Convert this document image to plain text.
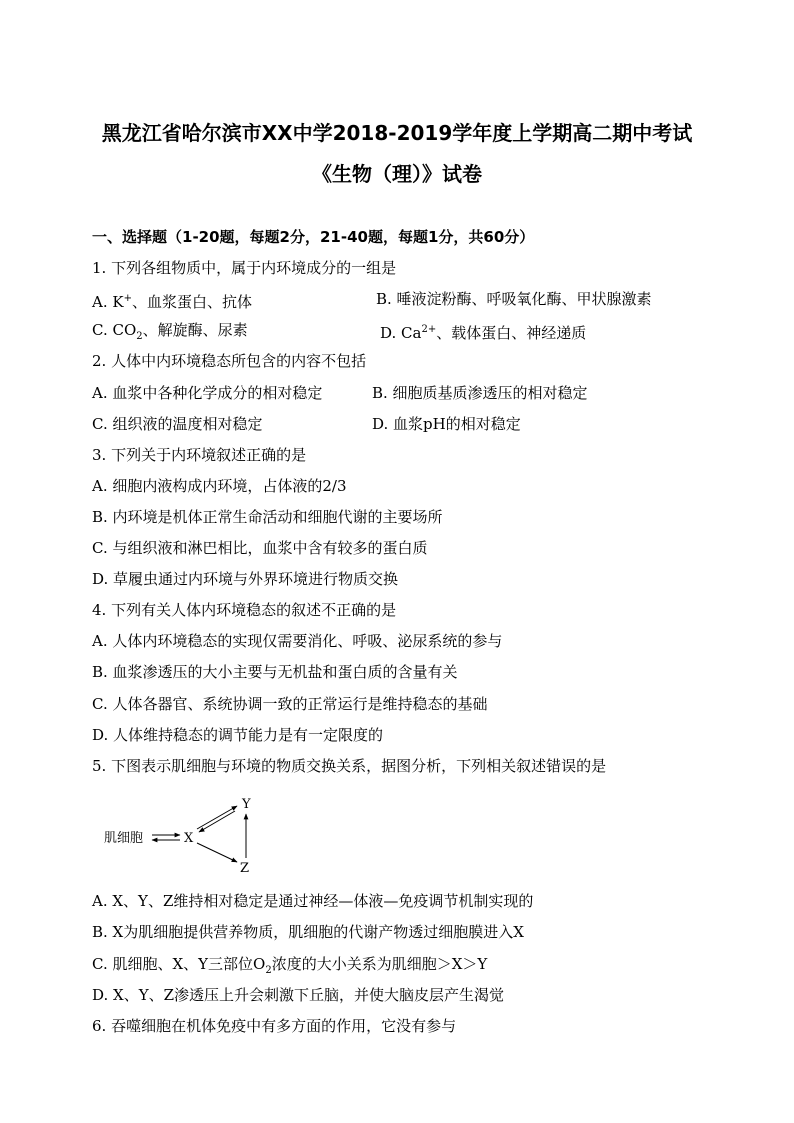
黑龙江省哈尔滨市XX中学2018-2019学年度上学期高二期中考试
《生物（理）》试卷
一、选择题（1-20题，每题2分，21-40题，每题1分，共60分）
1. 下列各组物质中，属于内环境成分的一组是
A. K+、血浆蛋白、抗体	B. 唾液淀粉酶、呼吸氧化酶、甲状腺激素
C. $CO_2$、解旋酶、尿素	D. $Ca^{2+}$、载体蛋白、神经递质
2. 人体中内环境稳态所包含的内容不包括
A. 血浆中各种化学成分的相对稳定	B. 细胞质基质渗透压的相对稳定
C. 组织液的温度相对稳定	D. 血浆pH的相对稳定
3. 下列关于内环境叙述正确的是
A. 细胞内液构成内环境，占体液的2/3
B. 内环境是机体正常生命活动和细胞代谢的主要场所
C. 与组织液和淋巴相比，血浆中含有较多的蛋白质
D. 草履虫通过内环境与外界环境进行物质交换
4. 下列有关人体内环境稳态的叙述不正确的是
A. 人体内环境稳态的实现仅需要消化、呼吸、泌尿系统的参与
B. 血浆渗透压的大小主要与无机盐和蛋白质的含量有关
C. 人体各器官、系统协调一致的正常运行是维持稳态的基础
D. 人体维持稳态的调节能力是有一定限度的
5. 下图表示肌细胞与环境的物质交换关系，据图分析，下列相关叙述错误的是
肌细胞	X
Y
Z
A. X、Y、Z维持相对稳定是通过神经—体液—免疫调节机制实现的
B. X为肌细胞提供营养物质，肌细胞的代谢产物透过细胞膜进入X
C. 肌细胞、X、Y三部位$O_2$浓度的大小关系为肌细胞＞X＞Y
D. X、Y、Z渗透压上升会刺激下丘脑，并使大脑皮层产生渴觉
6. 吞噬细胞在机体免疫中有多方面的作用，它没有参与
